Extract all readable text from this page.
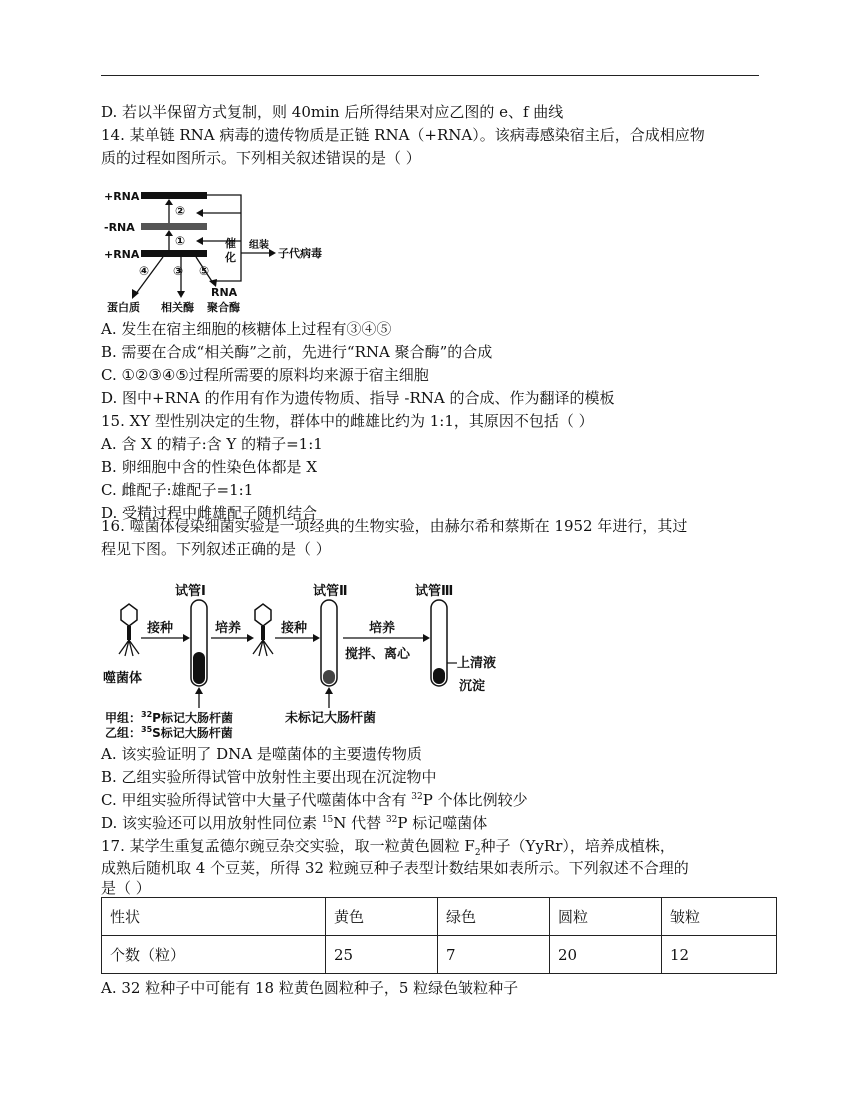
D. 若以半保留方式复制，则 40min 后所得结果对应乙图的 e、f 曲线
14. 某单链 RNA 病毒的遗传物质是正链 RNA（+RNA）。该病毒感染宿主后，合成相应物
质的过程如图所示。下列相关叙述错误的是（ ）
+RNA
-RNA
+RNA
②
①	催
化
组装
子代病毒
④ ③ ⑤
蛋白质 相关酶
RNA
聚合酶
A. 发生在宿主细胞的核糖体上过程有③④⑤
B. 需要在合成“相关酶”之前，先进行“RNA 聚合酶”的合成
C. ①②③④⑤过程所需要的原料均来源于宿主细胞
D. 图中+RNA 的作用有作为遗传物质、指导 -RNA 的合成、作为翻译的模板
15. XY 型性别决定的生物，群体中的雌雄比约为 1:1，其原因不包括（ ）
A. 含 X 的精子:含 Y 的精子=1:1
B. 卵细胞中含的性染色体都是 X
C. 雌配子:雄配子=1:1
D. 受精过程中雌雄配子随机结合
16. 噬菌体侵染细菌实验是一项经典的生物实验，由赫尔希和蔡斯在 1952 年进行，其过
程见下图。下列叙述正确的是（ ）
试管Ⅰ	试管Ⅱ	试管Ⅲ
接种	培养	接种	培养
搅拌、离心
上清液
沉淀
噬菌体
甲组：$^{32}$P标记大肠杆菌
乙组：$^{35}$S标记大肠杆菌
未标记大肠杆菌
A. 该实验证明了 DNA 是噬菌体的主要遗传物质
B. 乙组实验所得试管中放射性主要出现在沉淀物中
C. 甲组实验所得试管中大量子代噬菌体中含有 $^{32}$P 个体比例较少
D. 该实验还可以用放射性同位素 $^{15}$N 代替 $^{32}$P 标记噬菌体
17. 某学生重复孟德尔豌豆杂交实验，取一粒黄色圆粒 $F_2$种子（YyRr），培养成植株，
成熟后随机取 4 个豆荚，所得 32 粒豌豆种子表型计数结果如表所示。下列叙述不合理的
是（ ）
性状	黄色	绿色	圆粒	皱粒
个数（粒）	25	7	20	12
A. 32 粒种子中可能有 18 粒黄色圆粒种子，5 粒绿色皱粒种子
